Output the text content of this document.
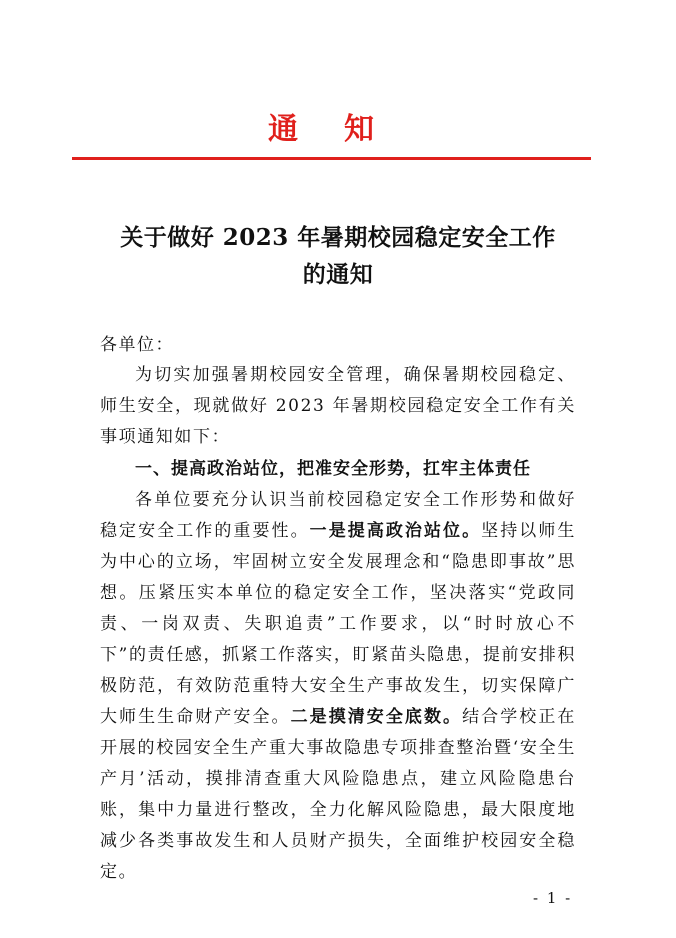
通知
关于做好 2023 年暑期校园稳定安全工作
的通知
各单位：
为切实加强暑期校园安全管理，确保暑期校园稳定、师生安全，现就做好 2023 年暑期校园稳定安全工作有关事项通知如下：
一、提高政治站位，把准安全形势，扛牢主体责任
各单位要充分认识当前校园稳定安全工作形势和做好稳定安全工作的重要性。一是提高政治站位。坚持以师生为中心的立场，牢固树立安全发展理念和“隐患即事故”思想。压紧压实本单位的稳定安全工作，坚决落实“党政同责、一岗双责、失职追责”工作要求，以“时时放心不下”的责任感，抓紧工作落实，盯紧苗头隐患，提前安排积极防范，有效防范重特大安全生产事故发生，切实保障广大师生生命财产安全。二是摸清安全底数。结合学校正在开展的校园安全生产重大事故隐患专项排查整治暨‘安全生产月’活动，摸排清查重大风险隐患点，建立风险隐患台账，集中力量进行整改，全力化解风险隐患，最大限度地减少各类事故发生和人员财产损失，全面维护校园安全稳定。
- 1 -
